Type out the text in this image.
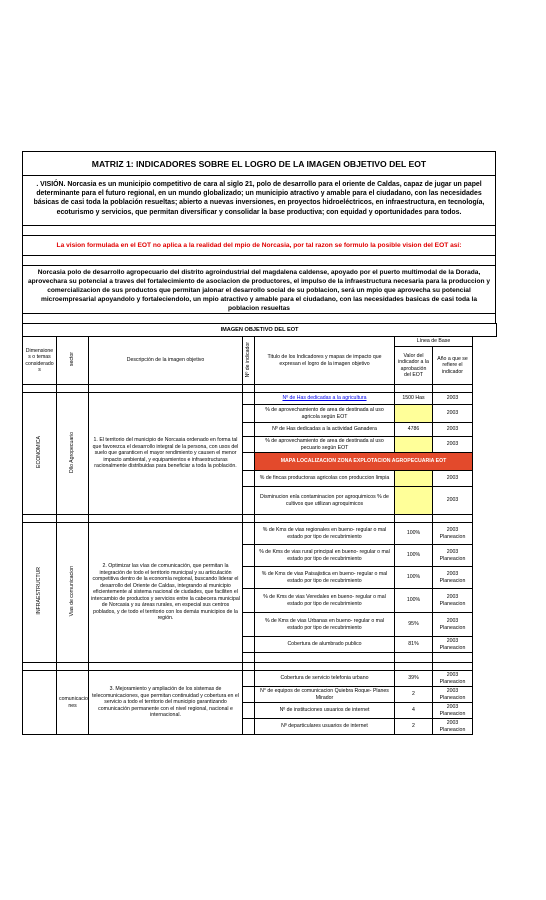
MATRIZ 1: INDICADORES SOBRE EL LOGRO DE LA IMAGEN OBJETIVO DEL EOT
. VISIÓN. Norcasia es un municipio competitivo de cara al siglo 21, polo de desarrollo para el oriente de Caldas, capaz de jugar un papel determinante para el futuro regional, en un mundo globalizado; un municipio atractivo y amable para el ciudadano, con las necesidades básicas de casi toda la población resueltas; abierto a nuevas inversiones, en proyectos hidroeléctricos, en infraestructura, en tecnología, ecoturismo y servicios, que permitan diversificar y consolidar la base productiva; con equidad y oportunidades para todos.
La vision formulada en el EOT no aplica a la realidad del mpio de Norcasia, por tal razon se formulo la posible vision del EOT así:
Norcasia polo de desarrollo agropecuario del distrito agroindustrial del magdalena caldense, apoyado por el puerto multimodal de la Dorada, aprovechara su potencial a traves del fortalecimiento de asociacion de productores, el impulso de la infraestructura necesaria para la produccion y comercializacion de sus productos que permitan jalonar el desarrollo social de su poblacion, será un mpio que aprovecha su potencial microempresarial apoyandolo y fortaleciendolo, un mpio atractivo y amable para el ciudadano, con las necesidades basicas de casi toda la poblacion resueltas
IMAGEN OBJETIVO DEL EOT							
Dimensione s o temas considerado s	sector	Descripción de la imagen objetivo	Nº de indicador	Titulo de los Indicadores y mapas de impacto que expresan el logro de la imagen objetivo	Línea de Base		
					Valor del indicador a la aprobación del EOT	Año a que se refiere el indicador	

ECONOMICA	Dllo Agropecuario	1. El territorio del municipio de Norcasia ordenado en forma tal que favorezca el desarrollo integral de la persona, con usos del suelo que garanticen el mayor rendimiento y causen el menor impacto ambiental, y equipamientos e infraestructuras racionalmente distribuidas para beneficiar a toda la población.		Nº de Has dedicadas a la agricultura	1500 Has	2003	
				% de aprovechamiento de area de destinada al uso agricola según EOT		2003	
				Nº de Has dedicadas a la actividad Ganadera	4786	2003	
				% de aprovechamiento de area de destinada al uso pecuario según EOT		2003	
				MAPA LOCALIZACION ZONA EXPLOTACION AGROPECUARIA EOT			
				% de fincas productoras agricolas con produccion limpia		2003	
				Disminucion enla contaminacion por agroquimicos % de cultivos que utilizan agroquimicos		2003	

INFRAESTRUCTUR	Vias de comunicacion	2. Optimizar las vías de comunicación, que permitan la integración de todo el territorio municipal y su articulación competitiva dentro de la economía regional, buscando liderar el desarrollo del Oriente de Caldas, integrando al municipio eficientemente al sistema nacional de ciudades, que faciliten el intercambio de productos y servicios entre la cabecera municipal de Norcasia y su áreas rurales, en especial sus centros poblados, y de todo el territorio con los demás municipios de la región.		% de Kms de vias regionales en bueno- regular o mal estado por tipo de recubrimiento	100%	2003 Planeacion	
				% de Kms de vias rural principal en bueno- regular o mal estado por tipo de recubrimiento	100%	2003 Planeacion	
				% de Kms de vias Paisajistica en bueno- regular o mal estado por tipo de recubrimiento	100%	2003 Planeacion	
				% de Kms de vias Veredales en bueno- regular o mal estado por tipo de recubrimiento	100%	2003 Planeacion	
				% de Kms de vias Urbanas en bueno- regular o mal estado por tipo de recubrimiento	95%	2003 Planeacion	
				Cobertura de alumbrado publico	81%	2003 Planeacion	

	comunicacio nes	3. Mejoramiento y ampliación de los sistemas de telecomunicaciones, que permitan continuidad y cobertura en el servicio a todo el territorio del municipio garantizando comunicación permanente con el nivel regional, nacional e internacional.		Cobertura de servicio telefonia urbano	39%	2003 Planeacion	
				N° de equipos de comunicacion Quiebra Roque- Planes Mirador	2	2003 Planeacion	
				Nº de instituciones usuarios de internet	4	2003 Planeacion	
				Nº departiculares usuarios de internet	2	2003 Planeacion	
